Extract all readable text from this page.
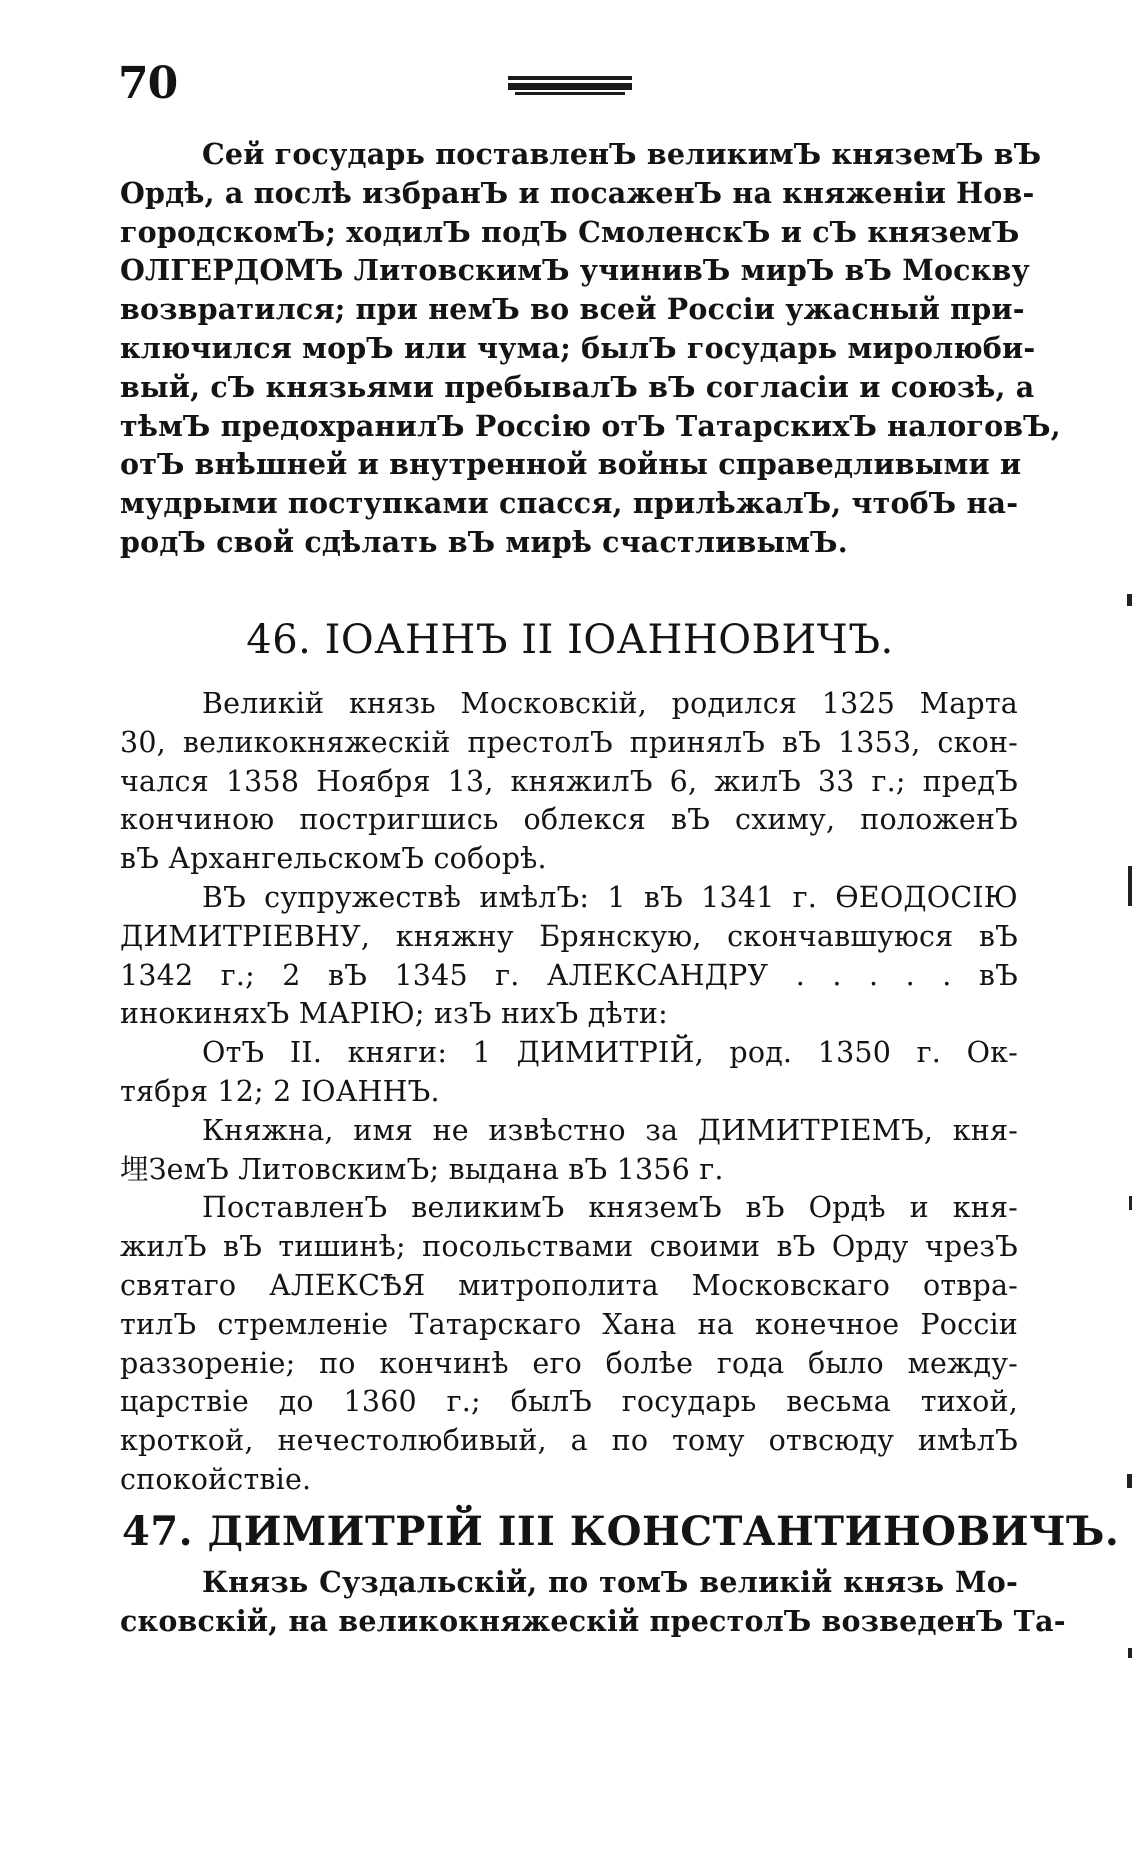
70
Сей государь поставленЪ великимЪ княземЪ вЪ
Ордѣ, а послѣ избранЪ и посаженЪ на княженіи Нов-
городскомЪ; ходилЪ подЪ СмоленскЪ и сЪ княземЪ
ОЛГЕРДОМЪ ЛитовскимЪ учинивЪ мирЪ вЪ Москву
возвратился; при немЪ во всей Россіи ужасный при-
ключился морЪ или чума; былЪ государь миролюби-
вый, сЪ князьями пребывалЪ вЪ согласіи и союзѣ, а
тѣмЪ предохранилЪ Россію отЪ ТатарскихЪ налоговЪ,
отЪ внѣшней и внутренной войны справедливыми и
мудрыми поступками спасся, прилѣжалЪ, чтобЪ на-
родЪ свой сдѣлать вЪ мирѣ счастливымЪ.
46. ІОАННЪ II ІОАННОВИЧЪ.
Великій князь Московскій, родился 1325 Марта
30, великокняжескій престолЪ принялЪ вЪ 1353, скон-
чался 1358 Ноября 13, княжилЪ 6, жилЪ 33 г.; предЪ
кончиною постригшись облекся вЪ схиму, положенЪ
вЪ АрхангельскомЪ соборѣ.
ВЪ супружествѣ имѣлЪ: 1 вЪ 1341 г. ѲЕОДОСІЮ
ДИМИТРІЕВНУ, княжну Брянскую, скончавшуюся вЪ
1342 г.; 2 вЪ 1345 г. АЛЕКСАНДРУ . . . . . вЪ
инокиняхЪ МАРІЮ; изЪ нихЪ дѣти:
ОтЪ II. княги: 1 ДИМИТРІЙ, род. 1350 г. Ок-
тября 12; 2 ІОАННЪ.
Княжна, имя не извѣстно за ДИМИТРІЕМЪ, кня-
埋ЗемЪ ЛитовскимЪ; выдана вЪ 1356 г.
ПоставленЪ великимЪ княземЪ вЪ Ордѣ и кня-
жилЪ вЪ тишинѣ; посольствами своими вЪ Орду чрезЪ
святаго АЛЕКСѢЯ митрополита Московскаго отвра-
тилЪ стремленіе Татарскаго Хана на конечное Россіи
раззореніе; по кончинѣ его болѣе года было между-
царствіе до 1360 г.; былЪ государь весьма тихой,
кроткой, нечестолюбивый, а по тому отвсюду имѣлЪ
спокойствіе.
47. ДИМИТРІЙ III КОНСТАНТИНОВИЧЪ.
Князь Суздальскій, по томЪ великій князь Мо-
сковскій, на великокняжескій престолЪ возведенЪ Та-
